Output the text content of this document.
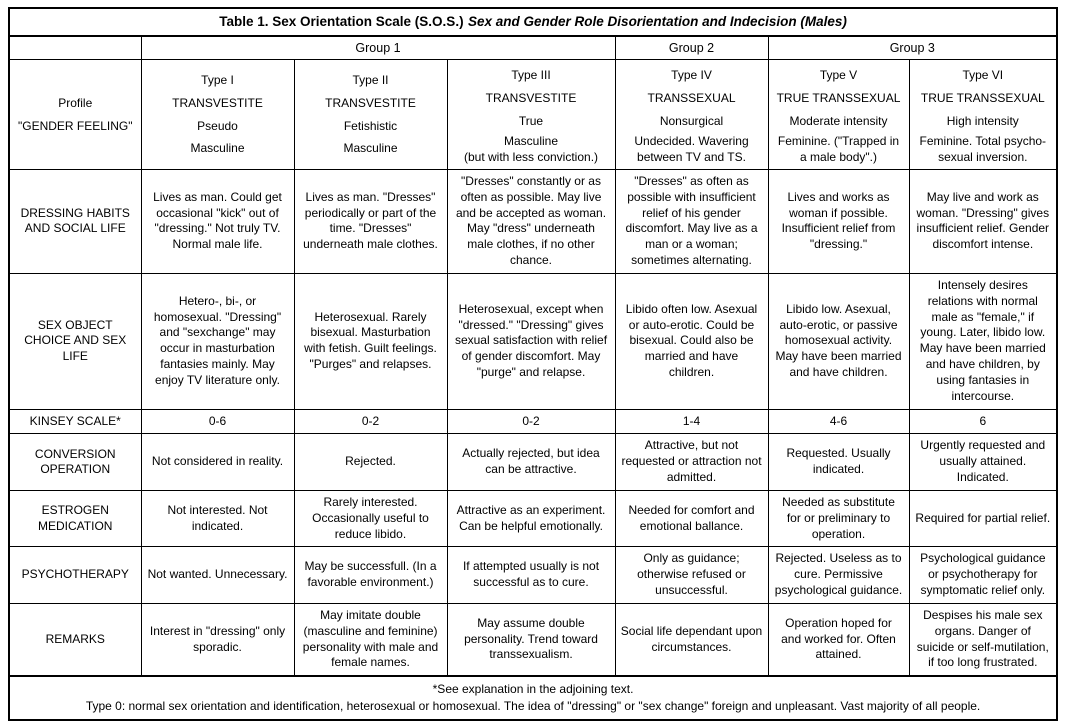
Table 1. Sex Orientation Scale (S.O.S.) Sex and Gender Role Disorientation and Indecision (Males)						
	Group 1			Group 2	Group 3	

Profile
"GENDER FEELING"	Type I
TRANSVESTITE
Pseudo
Masculine	Type II
TRANSVESTITE
Fetishistic
Masculine	Type III
TRANSVESTITE
True
Masculine
(but with less conviction.)	Type IV
TRANSSEXUAL
Nonsurgical
Undecided. Wavering
between TV and TS.	Type V
TRUE TRANSSEXUAL
Moderate intensity
Feminine. ("Trapped in
a male body".)	Type VI
TRUE TRANSSEXUAL
High intensity
Feminine. Total psycho-
sexual inversion.

DRESSING HABITS AND SOCIAL LIFE	Lives as man. Could get occasional "kick" out of "dressing." Not truly TV. Normal male life.	Lives as man. "Dresses" periodically or part of the time. "Dresses" underneath male clothes.	"Dresses" constantly or as often as possible. May live and be accepted as woman. May "dress" underneath male clothes, if no other chance.	"Dresses" as often as possible with insufficient relief of his gender discomfort. May live as a man or a woman; sometimes alternating.	Lives and works as woman if possible. Insufficient relief from "dressing."	May live and work as woman. "Dressing" gives insufficient relief. Gender discomfort intense.
SEX OBJECT CHOICE AND SEX LIFE	Hetero-, bi-, or homosexual. "Dressing" and "sexchange" may occur in masturbation fantasies mainly. May enjoy TV literature only.	Heterosexual. Rarely bisexual. Masturbation with fetish. Guilt feelings. "Purges" and relapses.	Heterosexual, except when "dressed." "Dressing" gives sexual satisfaction with relief of gender discomfort. May "purge" and relapse.	Libido often low. Asexual or auto-erotic. Could be bisexual. Could also be married and have children.	Libido low. Asexual, auto-erotic, or passive homosexual activity. May have been married and have children.	Intensely desires relations with normal male as "female," if young. Later, libido low. May have been married and have children, by using fantasies in intercourse.
KINSEY SCALE*	0-6	0-2	0-2	1-4	4-6	6
CONVERSION OPERATION	Not considered in reality.	Rejected.	Actually rejected, but idea can be attractive.	Attractive, but not requested or attraction not admitted.	Requested. Usually indicated.	Urgently requested and usually attained. Indicated.
ESTROGEN MEDICATION	Not interested. Not indicated.	Rarely interested. Occasionally useful to reduce libido.	Attractive as an experiment. Can be helpful emotionally.	Needed for comfort and emotional ballance.	Needed as substitute for or preliminary to operation.	Required for partial relief.
PSYCHOTHERAPY	Not wanted. Unnecessary.	May be successfull. (In a favorable environment.)	If attempted usually is not successful as to cure.	Only as guidance; otherwise refused or unsuccessful.	Rejected. Useless as to cure. Permissive psychological guidance.	Psychological guidance or psychotherapy for symptomatic relief only.
REMARKS	Interest in "dressing" only sporadic.	May imitate double (masculine and feminine) personality with male and female names.	May assume double personality. Trend toward transsexualism.	Social life dependant upon circumstances.	Operation hoped for and worked for. Often attained.	Despises his male sex organs. Danger of suicide or self-mutilation, if too long frustrated.

*See explanation in the adjoining text.
Type 0: normal sex orientation and identification, heterosexual or homosexual. The idea of "dressing" or "sex change" foreign and unpleasant. Vast majority of all people.						
